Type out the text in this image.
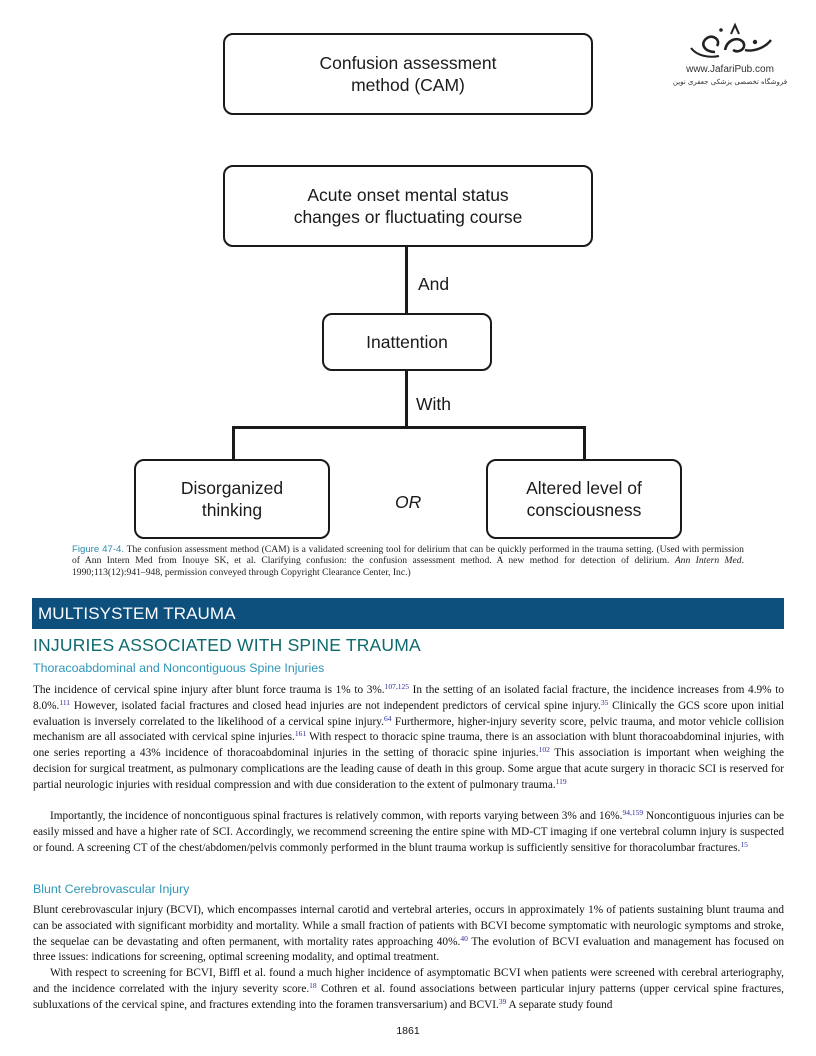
www.JafariPub.com
فروشگاه تخصصی پزشکی جعفری نوین
Confusion assessment
method (CAM)
Acute onset mental status
changes or fluctuating course
And
Inattention
With
Disorganized
thinking	OR
Altered level of
consciousness
Figure 47-4. The confusion assessment method (CAM) is a validated screening tool for delirium that can be quickly performed in the trauma setting. (Used with permission of Ann Intern Med from Inouye SK, et al. Clarifying confusion: the confusion assessment method. A new method for detection of delirium. Ann Intern Med. 1990;113(12):941–948, permission conveyed through Copyright Clearance Center, Inc.)
MULTISYSTEM TRAUMA
INJURIES ASSOCIATED WITH SPINE TRAUMA
Thoracoabdominal and Noncontiguous Spine Injuries

The incidence of cervical spine injury after blunt force trauma is 1% to 3%.$^{107,125}$ In the setting of an isolated facial fracture, the incidence increases from 4.9% to 8.0%.$^{111}$ However, isolated facial fractures and closed head injuries are not independent predictors of cervical spine injury.$^{35}$ Clinically the GCS score upon initial evaluation is inversely correlated to the likelihood of a cervical spine injury.$^{64}$ Furthermore, higher-injury severity score, pelvic trauma, and motor vehicle collision mechanism are all associated with cervical spine injuries.$^{161}$ With respect to thoracic spine trauma, there is an association with blunt thoracoabdominal injuries, with one series reporting a 43% incidence of thoracoabdominal injuries in the setting of thoracic spine injuries.$^{102}$ This association is important when weighing the decision for surgical treatment, as pulmonary complications are the leading cause of death in this group. Some argue that acute surgery in thoracic SCI is reserved for partial neurologic injuries with residual compression and with due consideration to the extent of pulmonary trauma.$^{119}$

Importantly, the incidence of noncontiguous spinal fractures is relatively common, with reports varying between 3% and 16%.$^{94,159}$ Noncontiguous injuries can be easily missed and have a higher rate of SCI. Accordingly, we recommend screening the entire spine with MD-CT imaging if one vertebral column injury is suspected or found. A screening CT of the chest/abdomen/pelvis commonly performed in the blunt trauma workup is sufficiently sensitive for thoracolumbar fractures.$^{15}$

Blunt Cerebrovascular Injury

Blunt cerebrovascular injury (BCVI), which encompasses internal carotid and vertebral arteries, occurs in approximately 1% of patients sustaining blunt trauma and can be associated with significant morbidity and mortality. While a small fraction of patients with BCVI become symptomatic with neurologic symptoms and stroke, the sequelae can be devastating and often permanent, with mortality rates approaching 40%.$^{40}$ The evolution of BCVI evaluation and management has focused on three issues: indications for screening, optimal screening modality, and optimal treatment.

With respect to screening for BCVI, Biffl et al. found a much higher incidence of asymptomatic BCVI when patients were screened with cerebral arteriography, and the incidence correlated with the injury severity score.$^{18}$ Cothren et al. found associations between particular injury patterns (upper cervical spine fractures, subluxations of the cervical spine, and fractures extending into the foramen transversarium) and BCVI.$^{39}$ A separate study found

1861
